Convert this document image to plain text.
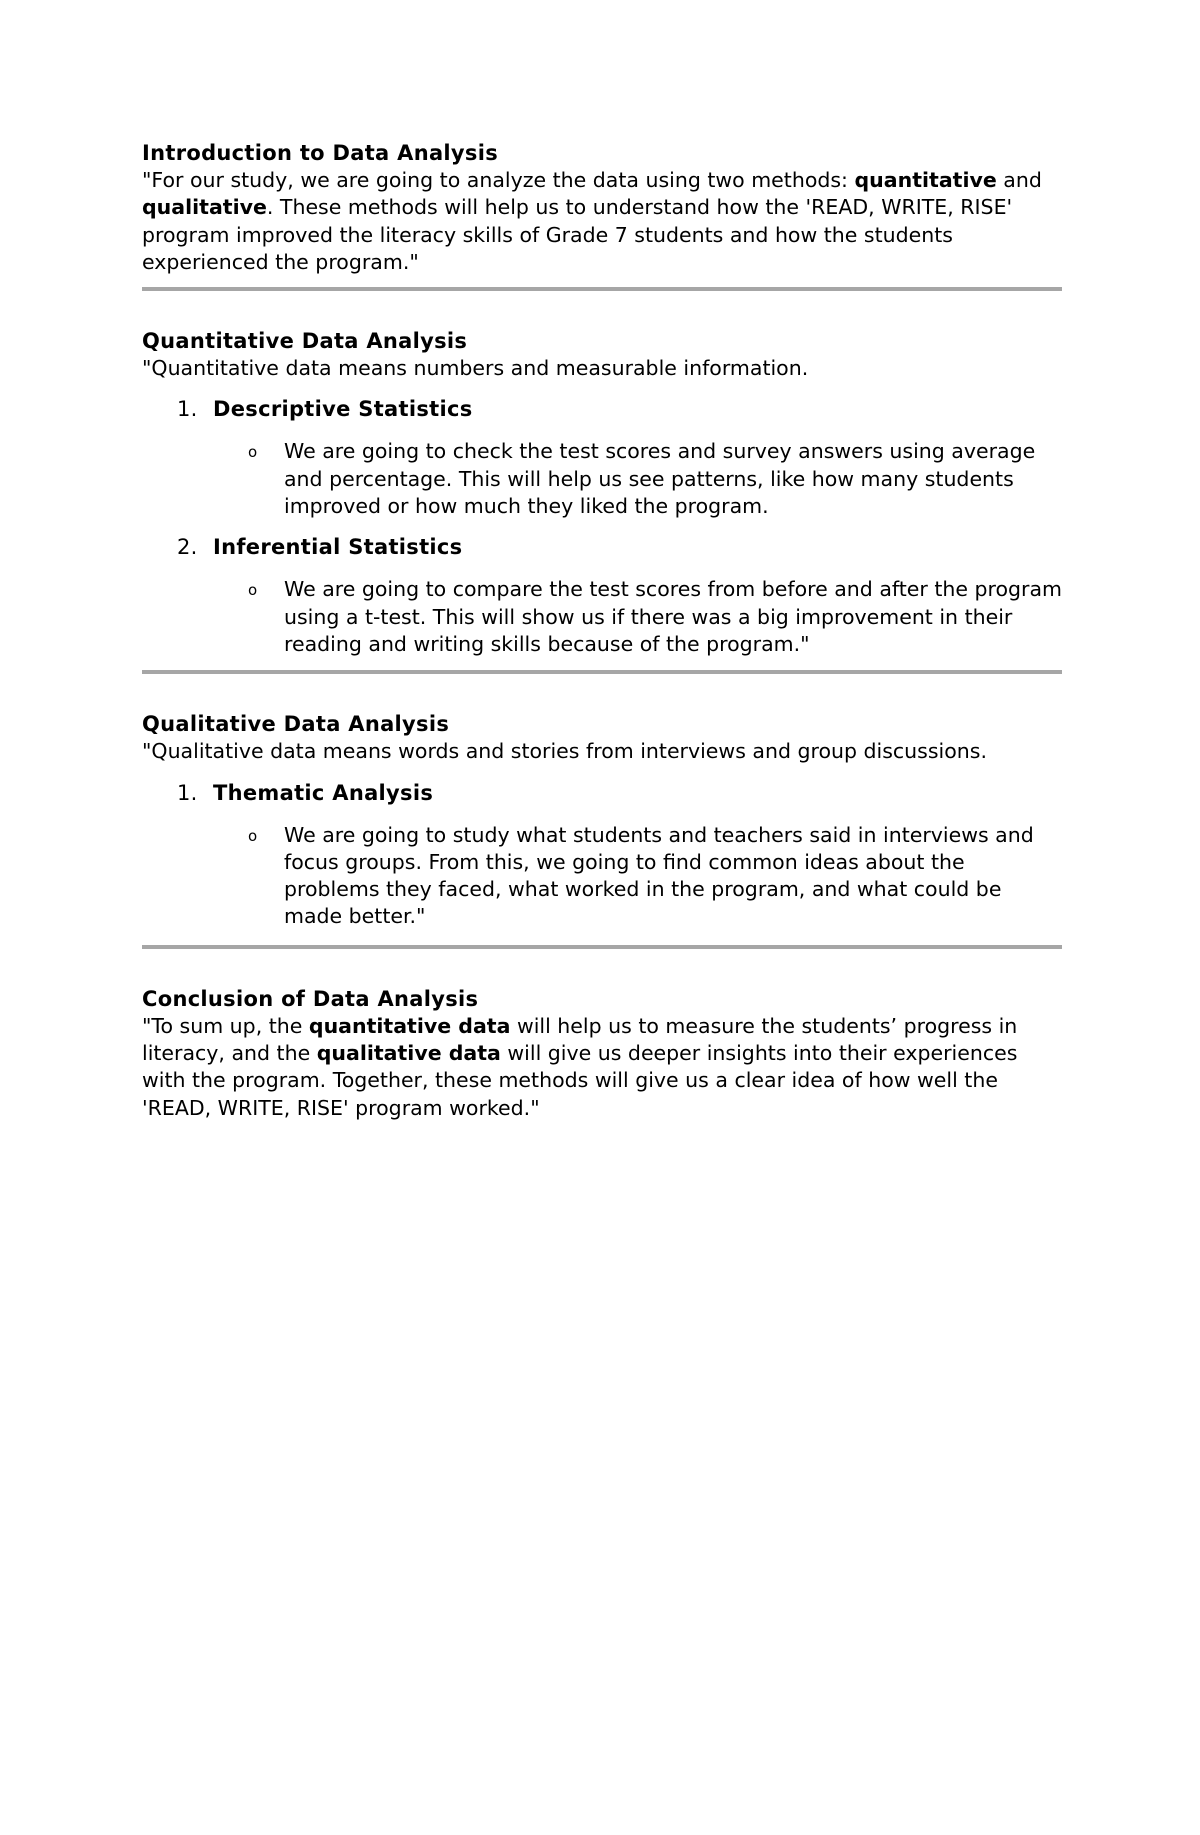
Introduction to Data Analysis

"For our study, we are going to analyze the data using two methods: quantitative and qualitative. These methods will help us to understand how the 'READ, WRITE, RISE' program improved the literacy skills of Grade 7 students and how the students experienced the program."

Quantitative Data Analysis

"Quantitative data means numbers and measurable information.

1. Descriptive Statistics

o We are going to check the test scores and survey answers using average and percentage. This will help us see patterns, like how many students improved or how much they liked the program.

2. Inferential Statistics

o We are going to compare the test scores from before and after the program using a t-test. This will show us if there was a big improvement in their reading and writing skills because of the program."

Qualitative Data Analysis

"Qualitative data means words and stories from interviews and group discussions.

1. Thematic Analysis

o We are going to study what students and teachers said in interviews and focus groups. From this, we going to find common ideas about the problems they faced, what worked in the program, and what could be made better."

Conclusion of Data Analysis

"To sum up, the quantitative data will help us to measure the students’ progress in literacy, and the qualitative data will give us deeper insights into their experiences with the program. Together, these methods will give us a clear idea of how well the 'READ, WRITE, RISE' program worked."
